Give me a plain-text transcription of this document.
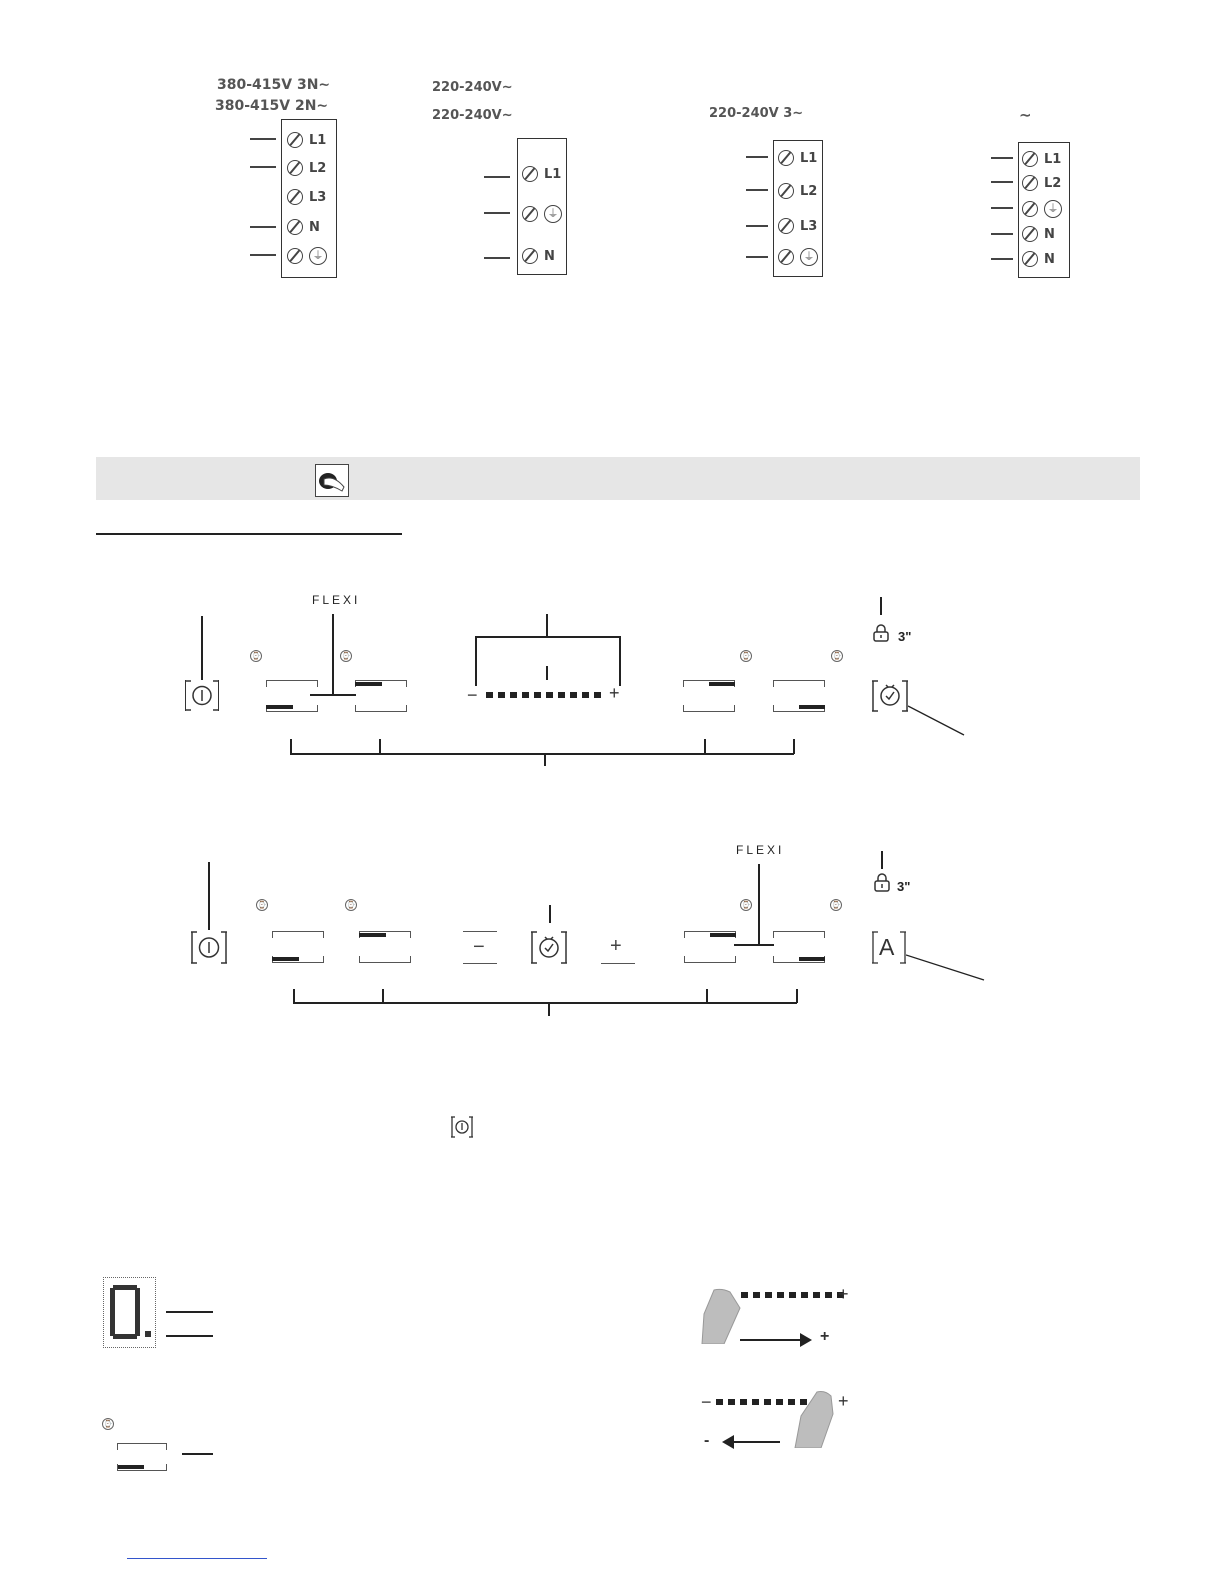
380-415V 3N∼
380-415V 2N∼
L1
L2
L3
N
⏚
220-240V∼
220-240V∼
L1
⏚
N
220-240V 3∼
L1
L2
L3
⏚
∼
L1
L2
⏚
N
N
FLEXI
⌚	⌚	⌚	⌚
−	+
3"
FLEXI
⌚	⌚	⌚	⌚
−	+
3"
A
⌚
+
+
−	+
-
